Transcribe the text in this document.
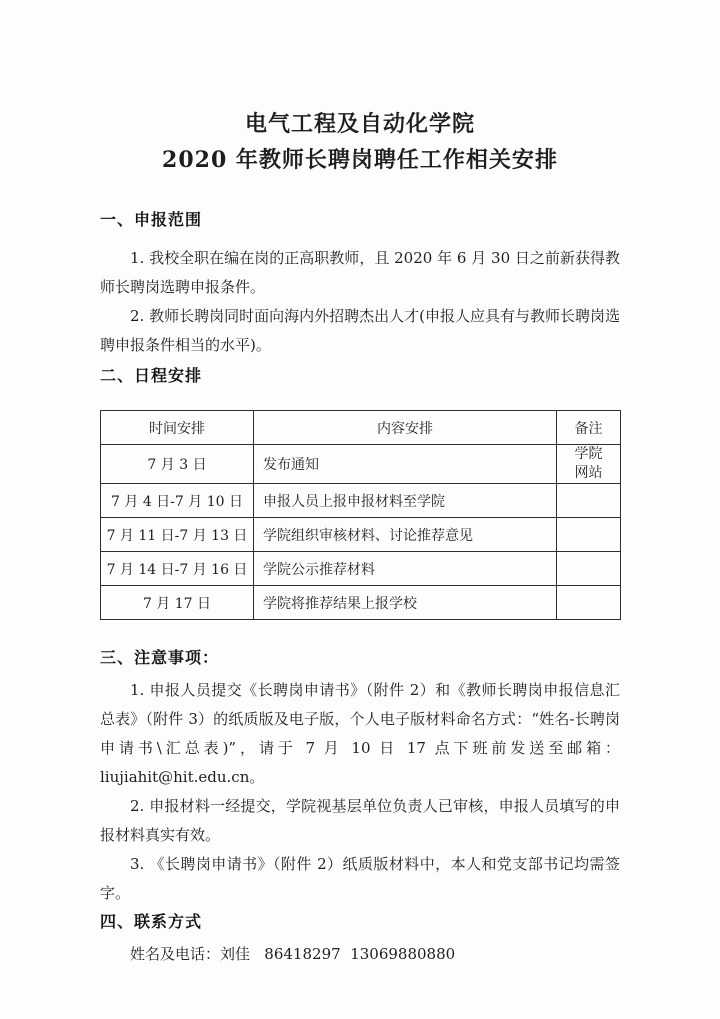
电气工程及自动化学院
2020 年教师长聘岗聘任工作相关安排
一、申报范围

1. 我校全职在编在岗的正高职教师，且 2020 年 6 月 30 日之前新获得教师长聘岗选聘申报条件。

2. 教师长聘岗同时面向海内外招聘杰出人才(申报人应具有与教师长聘岗选聘申报条件相当的水平)。

二、日程安排
时间安排	内容安排	备注
7 月 3 日	发布通知	学院网站

7 月 4 日-7 月 10 日	申报人员上报申报材料至学院	

7 月 11 日-7 月 13 日	学院组织审核材料、讨论推荐意见	

7 月 14 日-7 月 16 日	学院公示推荐材料	

7 月 17 日	学院将推荐结果上报学校	
三、注意事项：

1. 申报人员提交《长聘岗申请书》（附件 2）和《教师长聘岗申报信息汇总表》（附件 3）的纸质版及电子版，个人电子版材料命名方式：“姓名-长聘岗申请书\汇总表)”，请于 7 月 10 日 17 点下班前发送至邮箱：liujiahit@hit.edu.cn。

2. 申报材料一经提交，学院视基层单位负责人已审核，申报人员填写的申报材料真实有效。

3. 《长聘岗申请书》（附件 2）纸质版材料中，本人和党支部书记均需签字。

四、联系方式

姓名及电话：刘佳   86418297  13069880880
